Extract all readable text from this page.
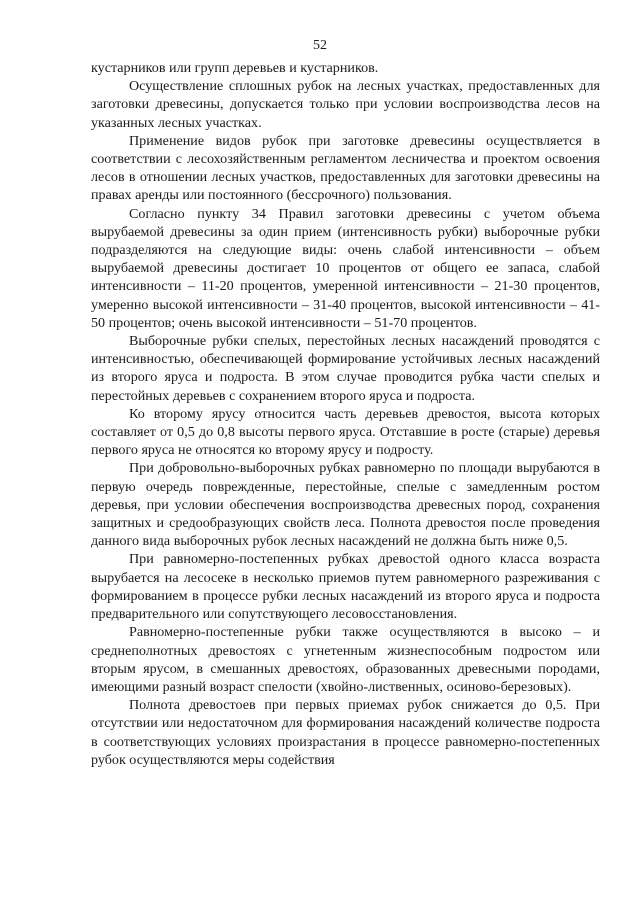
52

кустарников или групп деревьев и кустарников.

Осуществление сплошных рубок на лесных участках, предоставленных для заготовки древесины, допускается только при условии воспроизводства лесов на указанных лесных участках.

Применение видов рубок при заготовке древесины осуществляется в соответствии с лесохозяйственным регламентом лесничества и проектом освоения лесов в отношении лесных участков, предоставленных для заготовки древесины на правах аренды или постоянного (бессрочного) пользования.

Согласно пункту 34 Правил заготовки древесины с учетом объема вырубаемой древесины за один прием (интенсивность рубки) выборочные рубки подразделяются на следующие виды: очень слабой интенсивности – объем вырубаемой древесины достигает 10 процентов от общего ее запаса, слабой интенсивности – 11-20 процентов, умеренной интенсивности – 21-30 процентов, умеренно высокой интенсивности – 31-40 процентов, высокой интенсивности – 41-50 процентов; очень высокой интенсивности – 51-70 процентов.

Выборочные рубки спелых, перестойных лесных насаждений проводятся с интенсивностью, обеспечивающей формирование устойчивых лесных насаждений из второго яруса и подроста. В этом случае проводится рубка части спелых и перестойных деревьев с сохранением второго яруса и подроста.

Ко второму ярусу относится часть деревьев древостоя, высота которых составляет от 0,5 до 0,8 высоты первого яруса. Отставшие в росте (старые) деревья первого яруса не относятся ко второму ярусу и подросту.

При добровольно-выборочных рубках равномерно по площади вырубаются в первую очередь поврежденные, перестойные, спелые с замедленным ростом деревья, при условии обеспечения воспроизводства древесных пород, сохранения защитных и средообразующих свойств леса. Полнота древостоя после проведения данного вида выборочных рубок лесных насаждений не должна быть ниже 0,5.

При равномерно-постепенных рубках древостой одного класса возраста вырубается на лесосеке в несколько приемов путем равномерного разреживания с формированием в процессе рубки лесных насаждений из второго яруса и подроста предварительного или сопутствующего лесовосстановления.

Равномерно-постепенные рубки также осуществляются в высоко – и среднеполнотных древостоях с угнетенным жизнеспособным подростом или вторым ярусом, в смешанных древостоях, образованных древесными породами, имеющими разный возраст спелости (хвойно-лиственных, осиново-березовых).

Полнота древостоев при первых приемах рубок снижается до 0,5. При отсутствии или недостаточном для формирования насаждений количестве подроста в соответствующих условиях произрастания в процессе равномерно-постепенных рубок осуществляются меры содействия
